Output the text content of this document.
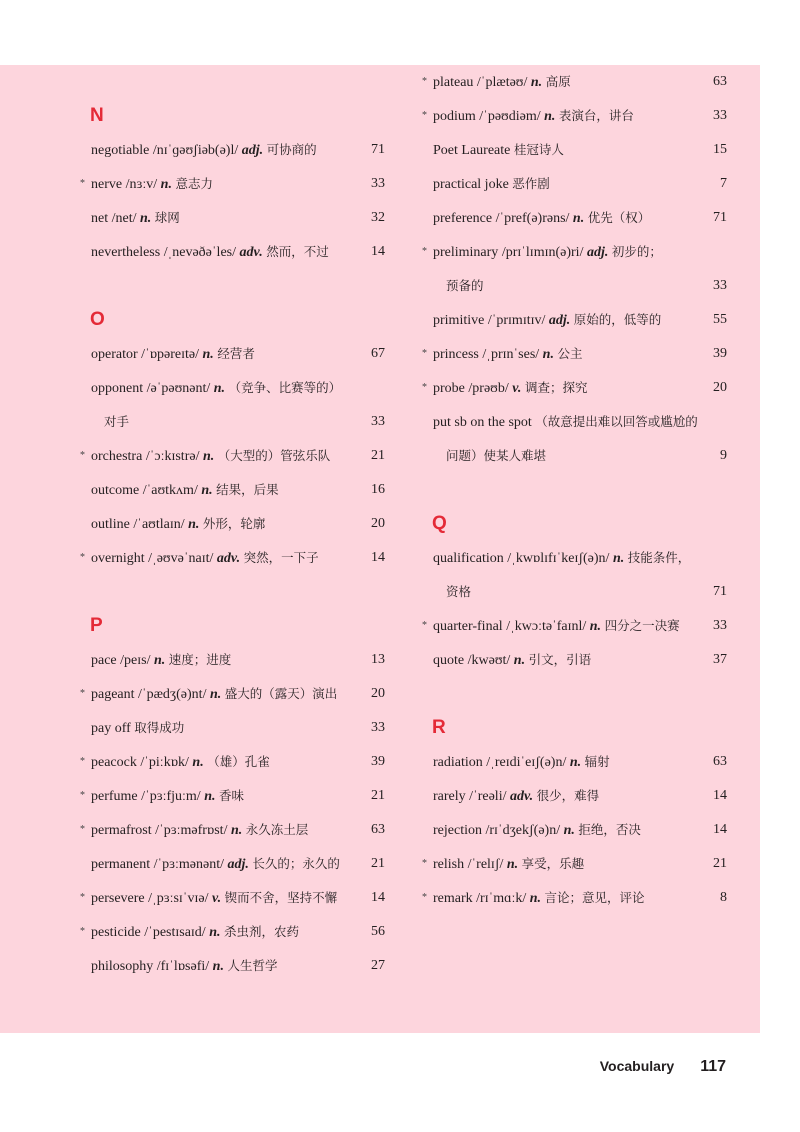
N
negotiable /nɪˈɡəʊʃiəb(ə)l/ adj. 可协商的	71
* nerve /nɜːv/ n. 意志力	33
net /net/ n. 球网	32
nevertheless /ˌnevəðəˈles/ adv. 然而，不过	14
O
operator /ˈɒpəreɪtə/ n. 经营者	67
opponent /əˈpəʊnənt/ n. （竞争、比赛等的）
对手	33
* orchestra /ˈɔːkɪstrə/ n. （大型的）管弦乐队	21
outcome /ˈaʊtkʌm/ n. 结果，后果	16
outline /ˈaʊtlaɪn/ n. 外形，轮廓	20
* overnight /ˌəʊvəˈnaɪt/ adv. 突然，一下子	14
P
pace /peɪs/ n. 速度；进度	13
* pageant /ˈpædʒ(ə)nt/ n. 盛大的（露天）演出 20
pay off 取得成功	33
* peacock /ˈpiːkɒk/ n. （雄）孔雀	39
* perfume /ˈpɜːfjuːm/ n. 香味	21
* permafrost /ˈpɜːməfrɒst/ n. 永久冻土层	63
permanent /ˈpɜːmənənt/ adj. 长久的；永久的 21
* persevere /ˌpɜːsɪˈvɪə/ v. 锲而不舍，坚持不懈 14
* pesticide /ˈpestɪsaɪd/ n. 杀虫剂，农药	56
philosophy /fɪˈlɒsəfi/ n. 人生哲学	27
* plateau /ˈplætəʊ/ n. 高原	63
* podium /ˈpəʊdiəm/ n. 表演台，讲台	33
Poet Laureate 桂冠诗人	15
practical joke 恶作剧	7
preference /ˈpref(ə)rəns/ n. 优先（权）	71
* preliminary /prɪˈlɪmɪn(ə)ri/ adj. 初步的；
预备的	33
primitive /ˈprɪmɪtɪv/ adj. 原始的，低等的	55
* princess /ˌprɪnˈses/ n. 公主	39
* probe /prəʊb/ v. 调查；探究	20
put sb on the spot （故意提出难以回答或尴尬的
问题）使某人难堪	9
Q
qualification /ˌkwɒlɪfɪˈkeɪʃ(ə)n/ n. 技能条件，
资格	71
* quarter-final /ˌkwɔːtəˈfaɪnl/ n. 四分之一决赛 33
quote /kwəʊt/ n. 引文，引语	37
R
radiation /ˌreɪdiˈeɪʃ(ə)n/ n. 辐射	63
rarely /ˈreəli/ adv. 很少，难得	14
rejection /rɪˈdʒekʃ(ə)n/ n. 拒绝，否决	14
* relish /ˈrelɪʃ/ n. 享受，乐趣	21
* remark /rɪˈmɑːk/ n. 言论；意见，评论	8
Vocabulary 117
